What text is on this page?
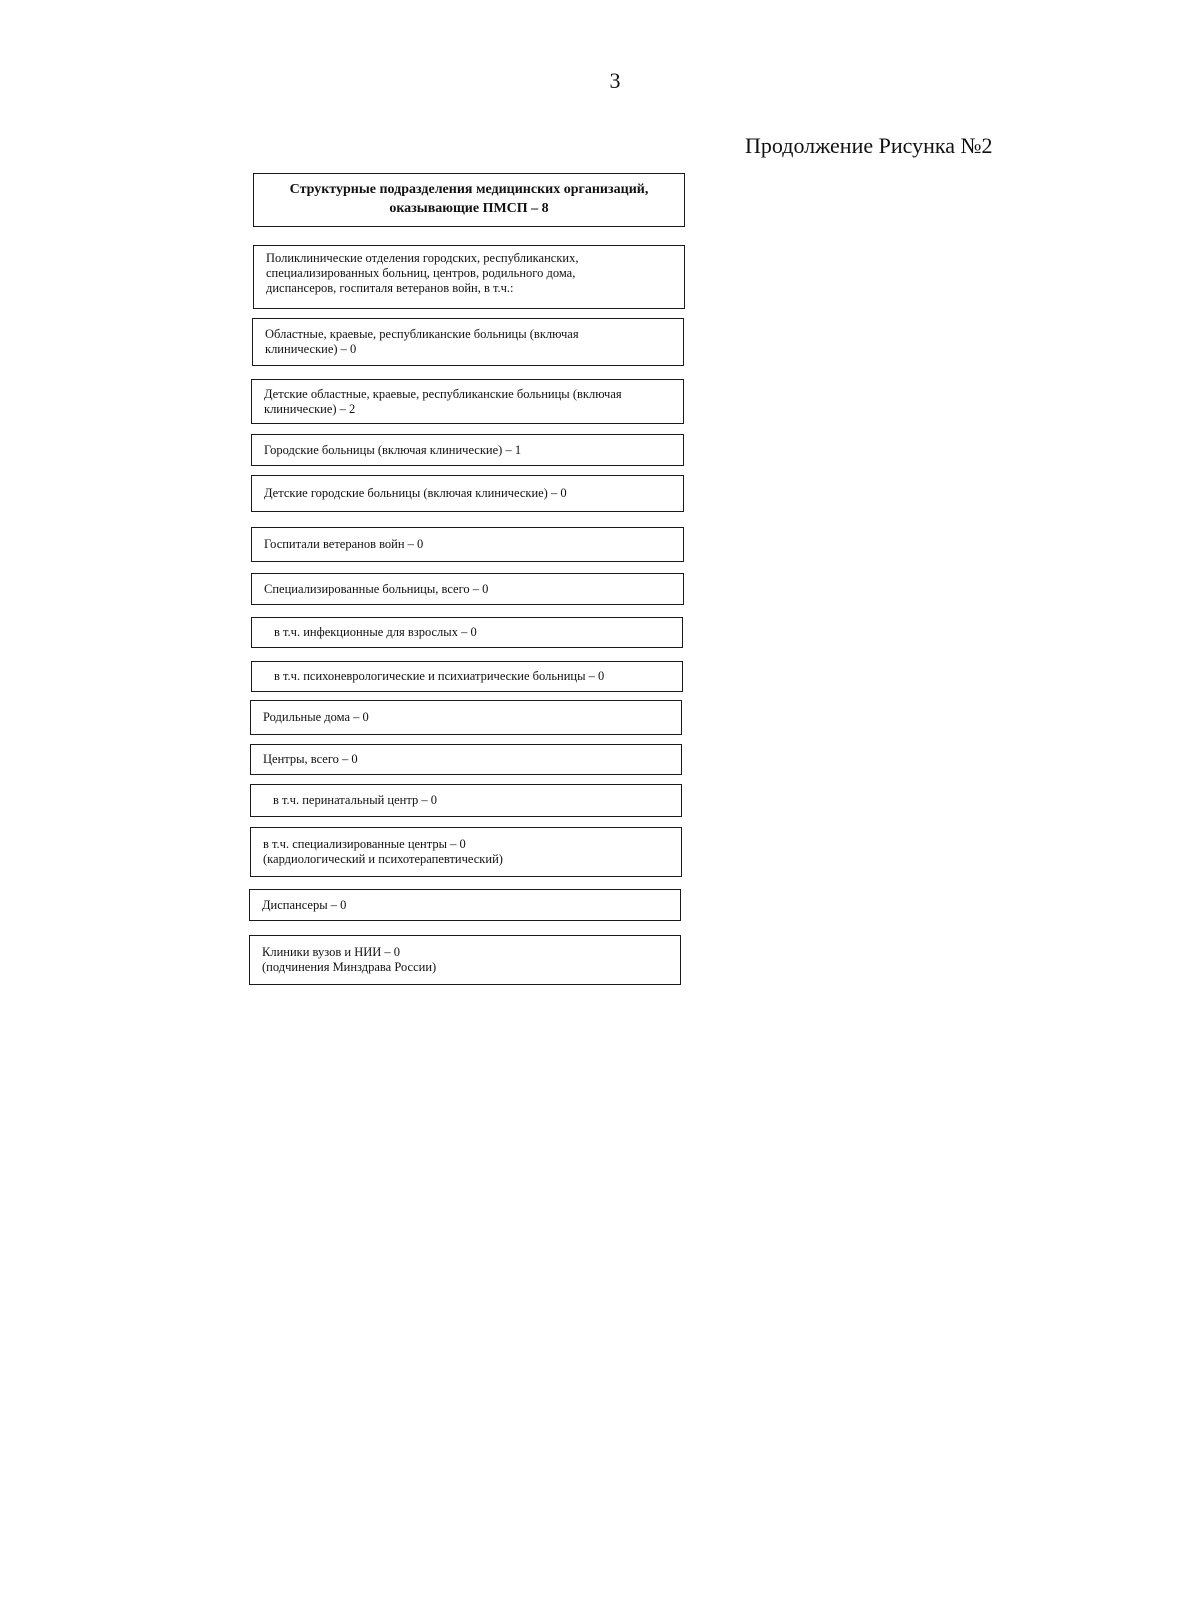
3
Продолжение Рисунка №2
Структурные подразделения медицинских организаций, оказывающие ПМСП – 8
Поликлинические отделения городских, республиканских,
специализированных больниц, центров, родильного дома,
диспансеров, госпиталя ветеранов войн, в т.ч.:
Областные, краевые, республиканские больницы (включая
клинические) – 0
Детские областные, краевые, республиканские больницы (включая
клинические) – 2
Городские больницы (включая клинические) – 1
Детские городские больницы (включая клинические) – 0
Госпитали ветеранов войн – 0
Специализированные больницы, всего – 0
в т.ч. инфекционные для взрослых – 0
в т.ч. психоневрологические и психиатрические больницы – 0
Родильные дома – 0
Центры, всего – 0
в т.ч. перинатальный центр – 0
в т.ч. специализированные центры – 0
(кардиологический и психотерапевтический)
Диспансеры – 0
Клиники вузов и НИИ – 0
(подчинения Минздрава России)
